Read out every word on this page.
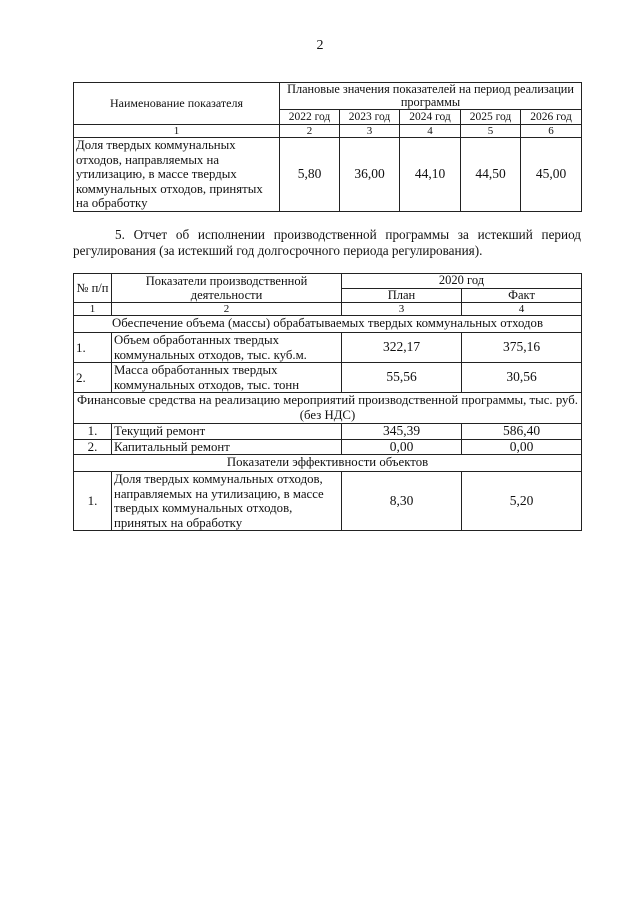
2
Наименование показателя	Плановые значения показателей на период реализации программы				
	2022 год	2023 год	2024 год	2025 год	2026 год
1	2	3	4	5	6
Доля твердых коммунальных отходов, направляемых на утилизацию, в массе твердых коммунальных отходов, принятых на обработку	5,80	36,00	44,10	44,50	45,00
5. Отчет об исполнении производственной программы за истекший период регулирования (за истекший год долгосрочного периода регулирования).
№ п/п	Показатели производственной деятельности	2020 год	
		План	Факт
1	2	3	4
Обеспечение объема (массы) обрабатываемых твердых коммунальных отходов			
1.	Объем обработанных твердых коммунальных отходов, тыс. куб.м.	322,17	375,16
2.	Масса обработанных твердых коммунальных отходов, тыс. тонн	55,56	30,56
Финансовые средства на реализацию мероприятий производственной программы, тыс. руб. (без НДС)			
1.	Текущий ремонт	345,39	586,40
2.	Капитальный ремонт	0,00	0,00
Показатели эффективности объектов			
1.	Доля твердых коммунальных отходов, направляемых на утилизацию, в массе твердых коммунальных отходов, принятых на обработку	8,30	5,20
